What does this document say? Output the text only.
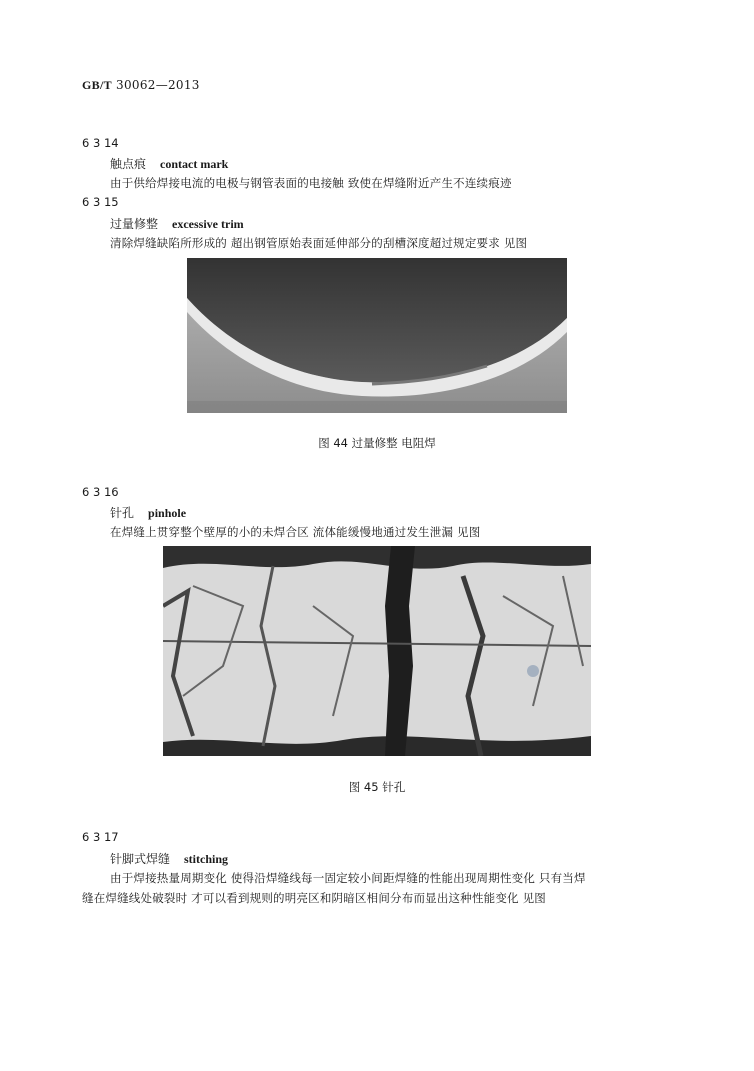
GB/T 30062—2013
6 3 14
触点痕 contact mark
由于供给焊接电流的电极与钢管表面的电接触 致使在焊缝附近产生不连续痕迹
6 3 15
过量修整 excessive trim
清除焊缝缺陷所形成的 超出钢管原始表面延伸部分的刮槽深度超过规定要求 见图
图 44 过量修整 电阻焊
6 3 16
针孔 pinhole
在焊缝上贯穿整个壁厚的小的未焊合区 流体能缓慢地通过发生泄漏 见图
图 45 针孔
6 3 17
针脚式焊缝 stitching
由于焊接热量周期变化 使得沿焊缝线每一固定较小间距焊缝的性能出现周期性变化 只有当焊
缝在焊缝线处破裂时 才可以看到规则的明亮区和阴暗区相间分布而显出这种性能变化 见图
